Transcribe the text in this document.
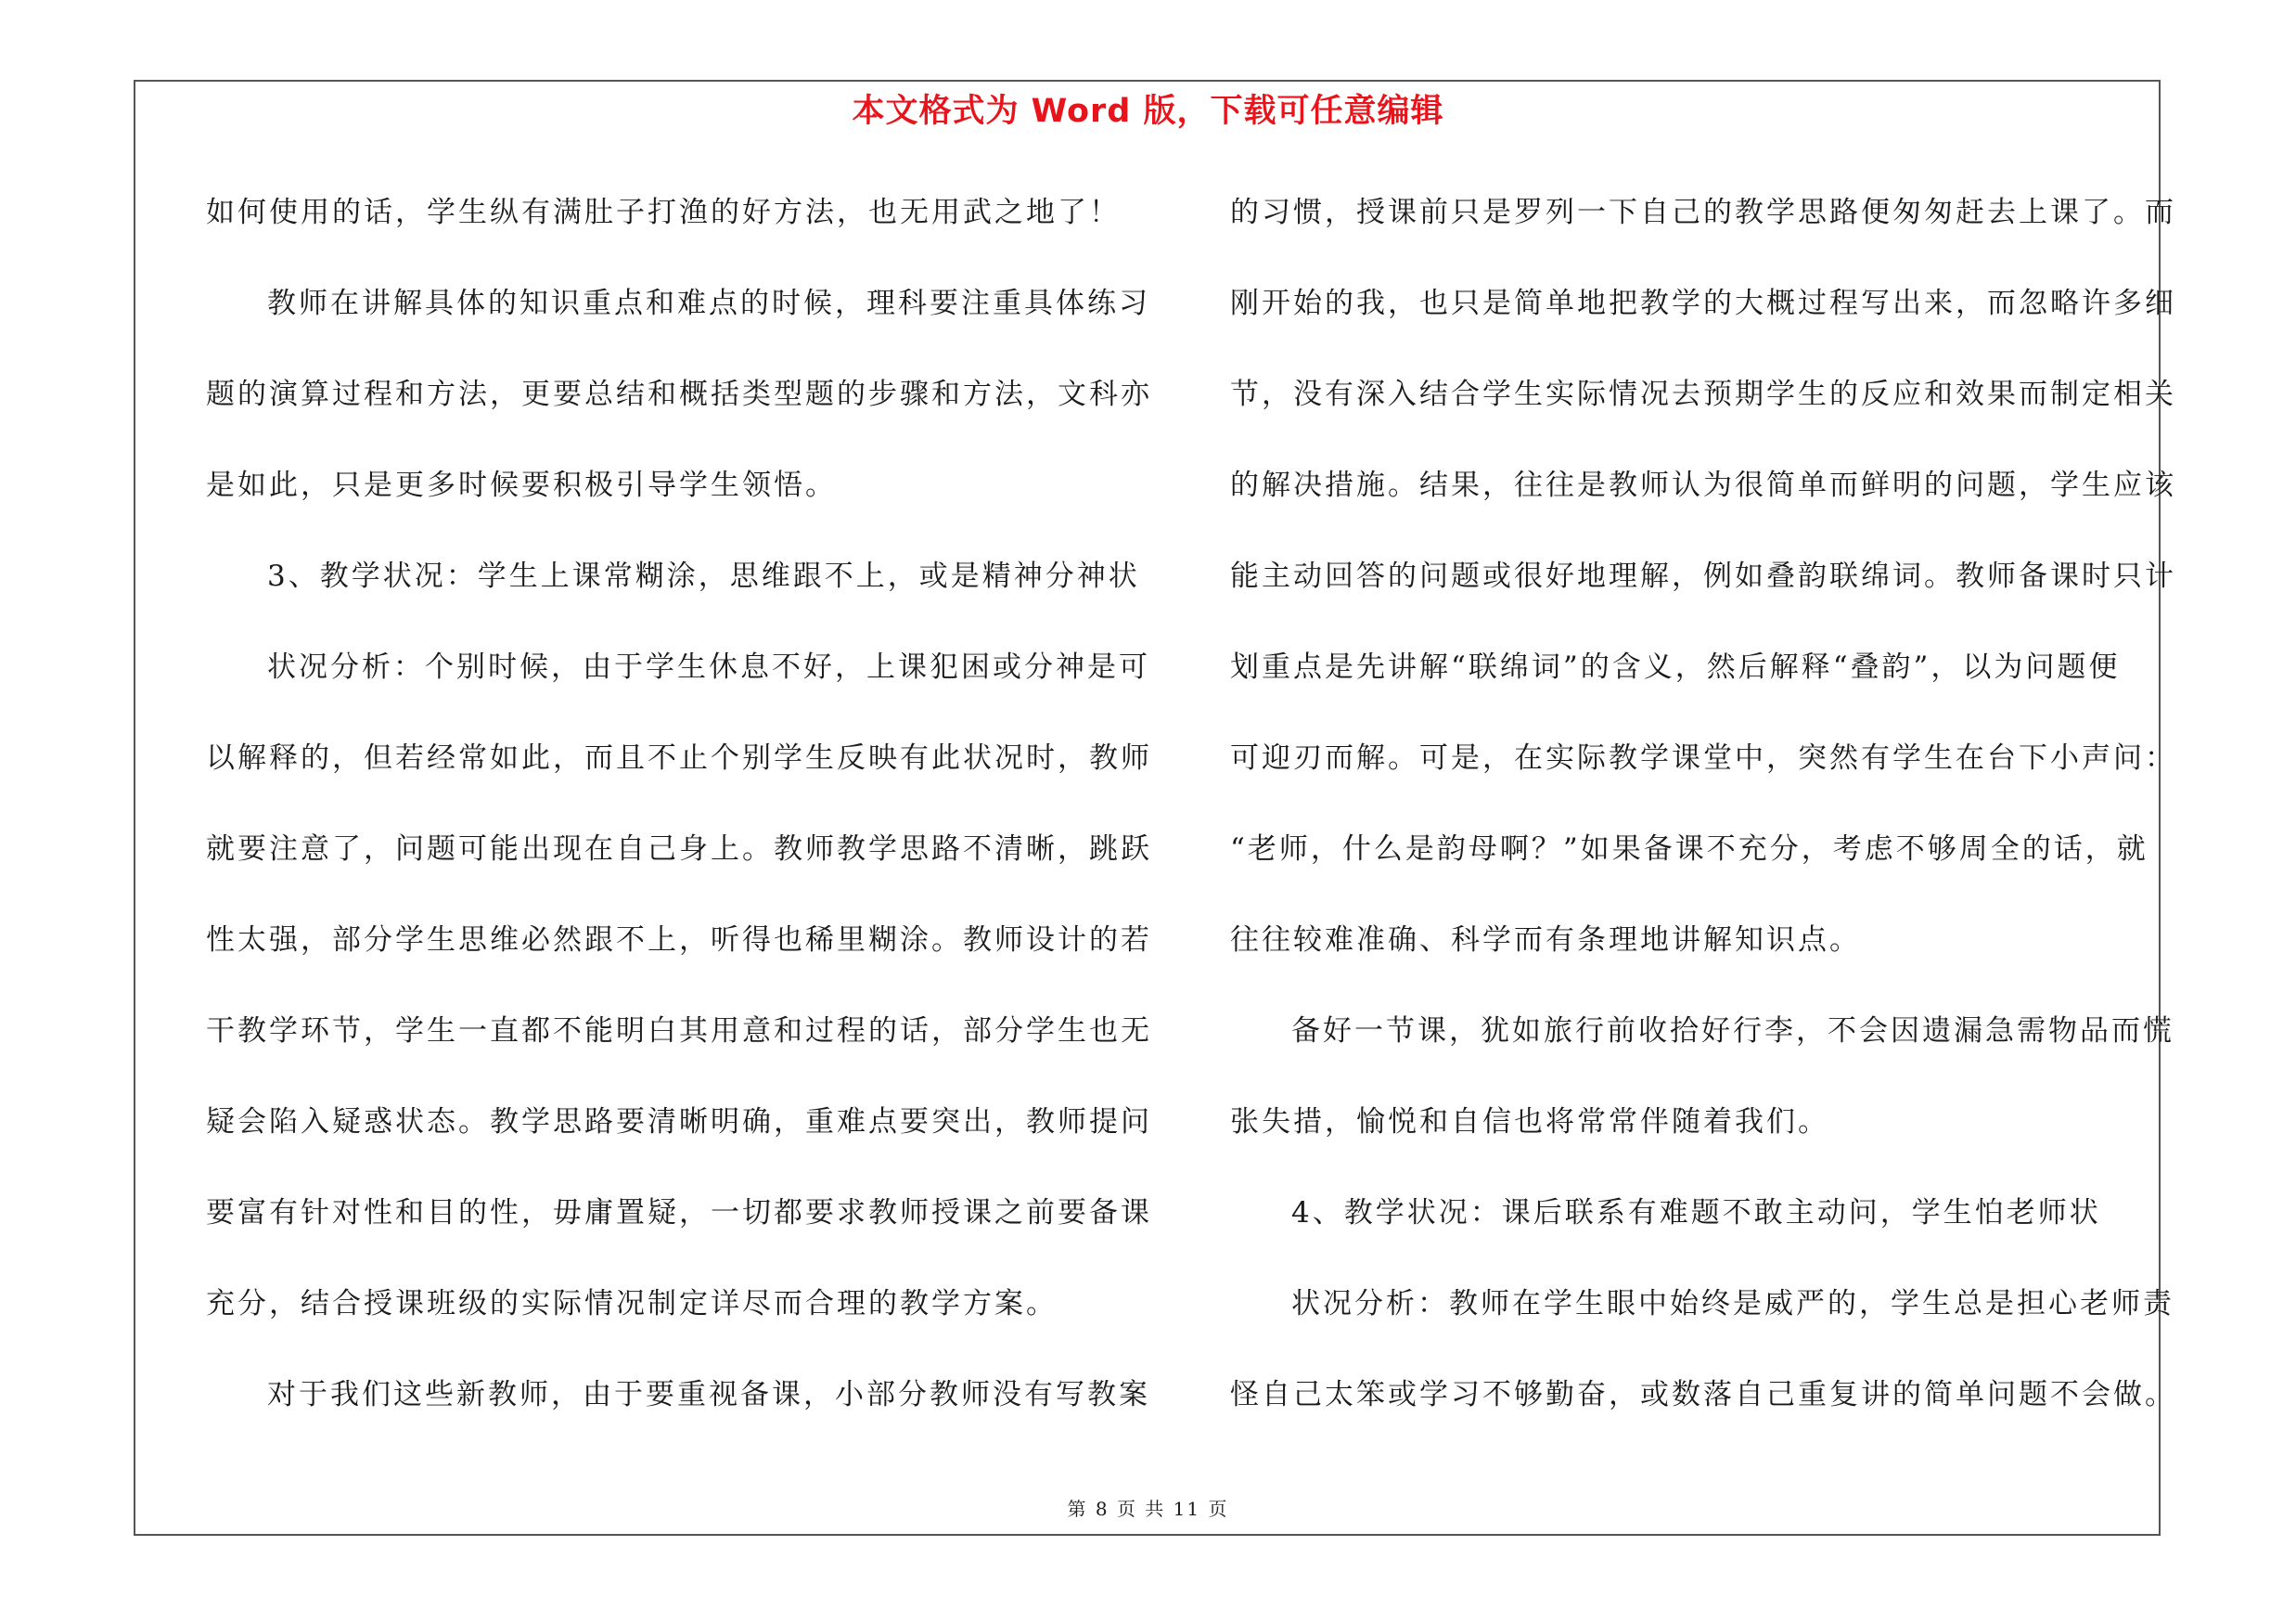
本文格式为 Word 版，下载可任意编辑
如何使用的话，学生纵有满肚子打渔的好方法，也无用武之地了！
教师在讲解具体的知识重点和难点的时候，理科要注重具体练习
题的演算过程和方法，更要总结和概括类型题的步骤和方法，文科亦
是如此，只是更多时候要积极引导学生领悟。
3、教学状况：学生上课常糊涂，思维跟不上，或是精神分神状
状况分析：个别时候，由于学生休息不好，上课犯困或分神是可
以解释的，但若经常如此，而且不止个别学生反映有此状况时，教师
就要注意了，问题可能出现在自己身上。教师教学思路不清晰，跳跃
性太强，部分学生思维必然跟不上，听得也稀里糊涂。教师设计的若
干教学环节，学生一直都不能明白其用意和过程的话，部分学生也无
疑会陷入疑惑状态。教学思路要清晰明确，重难点要突出，教师提问
要富有针对性和目的性，毋庸置疑，一切都要求教师授课之前要备课
充分，结合授课班级的实际情况制定详尽而合理的教学方案。
对于我们这些新教师，由于要重视备课，小部分教师没有写教案
的习惯，授课前只是罗列一下自己的教学思路便匆匆赶去上课了。而
刚开始的我，也只是简单地把教学的大概过程写出来，而忽略许多细
节，没有深入结合学生实际情况去预期学生的反应和效果而制定相关
的解决措施。结果，往往是教师认为很简单而鲜明的问题，学生应该
能主动回答的问题或很好地理解，例如叠韵联绵词。教师备课时只计
划重点是先讲解“联绵词”的含义，然后解释“叠韵”，以为问题便
可迎刃而解。可是，在实际教学课堂中，突然有学生在台下小声问：
“老师，什么是韵母啊？”如果备课不充分，考虑不够周全的话，就
往往较难准确、科学而有条理地讲解知识点。
备好一节课，犹如旅行前收拾好行李，不会因遗漏急需物品而慌
张失措，愉悦和自信也将常常伴随着我们。
4、教学状况：课后联系有难题不敢主动问，学生怕老师状
状况分析：教师在学生眼中始终是威严的，学生总是担心老师责
怪自己太笨或学习不够勤奋，或数落自己重复讲的简单问题不会做。
第 8 页 共 11 页
